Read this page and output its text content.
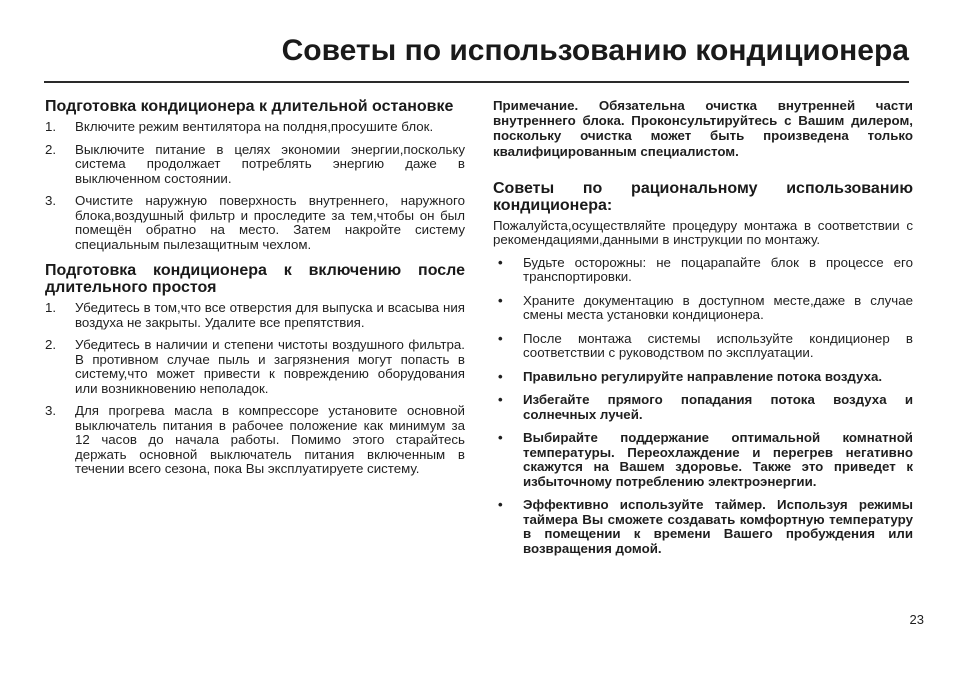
Советы по использованию кондиционера
Подготовка кондиционера к длительной остановке
1. Включите режим вентилятора на полдня,просушите блок.
2. Выключите питание в целях экономии энергии,поскольку система продолжает потреблять энергию даже в выключенном состоянии.
3. Очистите наружную поверхность внутреннего, наружного блока,воздушный фильтр и проследите за тем,чтобы он был помещён обратно на место. Затем накройте систему специальным пылезащитным чехлом.
Подготовка кондиционера к включению после длительного простоя
1. Убедитесь в том,что все отверстия для выпуска и всасыва ния воздуха не закрыты. Удалите все препятствия.
2. Убедитесь в наличии и степени чистоты воздушного фильтра. В противном случае пыль и загрязнения могут попасть в систему,что может привести к повреждению оборудования или возникновению неполадок.
3. Для прогрева масла в компрессоре установите основной выключатель питания в рабочее положение как минимум за 12 часов до начала работы. Помимо этого старайтесь держать основной выключатель питания включенным в течении всего сезона, пока Вы эксплуатируете систему.

Примечание. Обязательна очистка внутренней части внутреннего блока. Проконсультируйтесь с Вашим дилером, поскольку очистка может быть произведена только квалифицированным специалистом.

Советы по рациональному использованию кондиционера:

Пожалуйста,осуществляйте процедуру монтажа в соответствии с рекомендациями,данными в инструкции по монтажу.

• Будьте осторожны: не поцарапайте блок в процессе его транспортировки.
• Храните документацию в доступном месте,даже в случае смены места установки кондиционера.
• После монтажа системы используйте кондиционер в соответствии с руководством по эксплуатации.
• Правильно регулируйте направление потока воздуха.
• Избегайте прямого попадания потока воздуха и солнечных лучей.
• Выбирайте поддержание оптимальной комнатной температуры. Переохлаждение и перегрев негативно скажутся на Вашем здоровье. Также это приведет к избыточному потреблению электроэнергии.
• Эффективно используйте таймер. Используя режимы таймера Вы сможете создавать комфортную температуру в помещении к времени Вашего пробуждения или возвращения домой.
23
